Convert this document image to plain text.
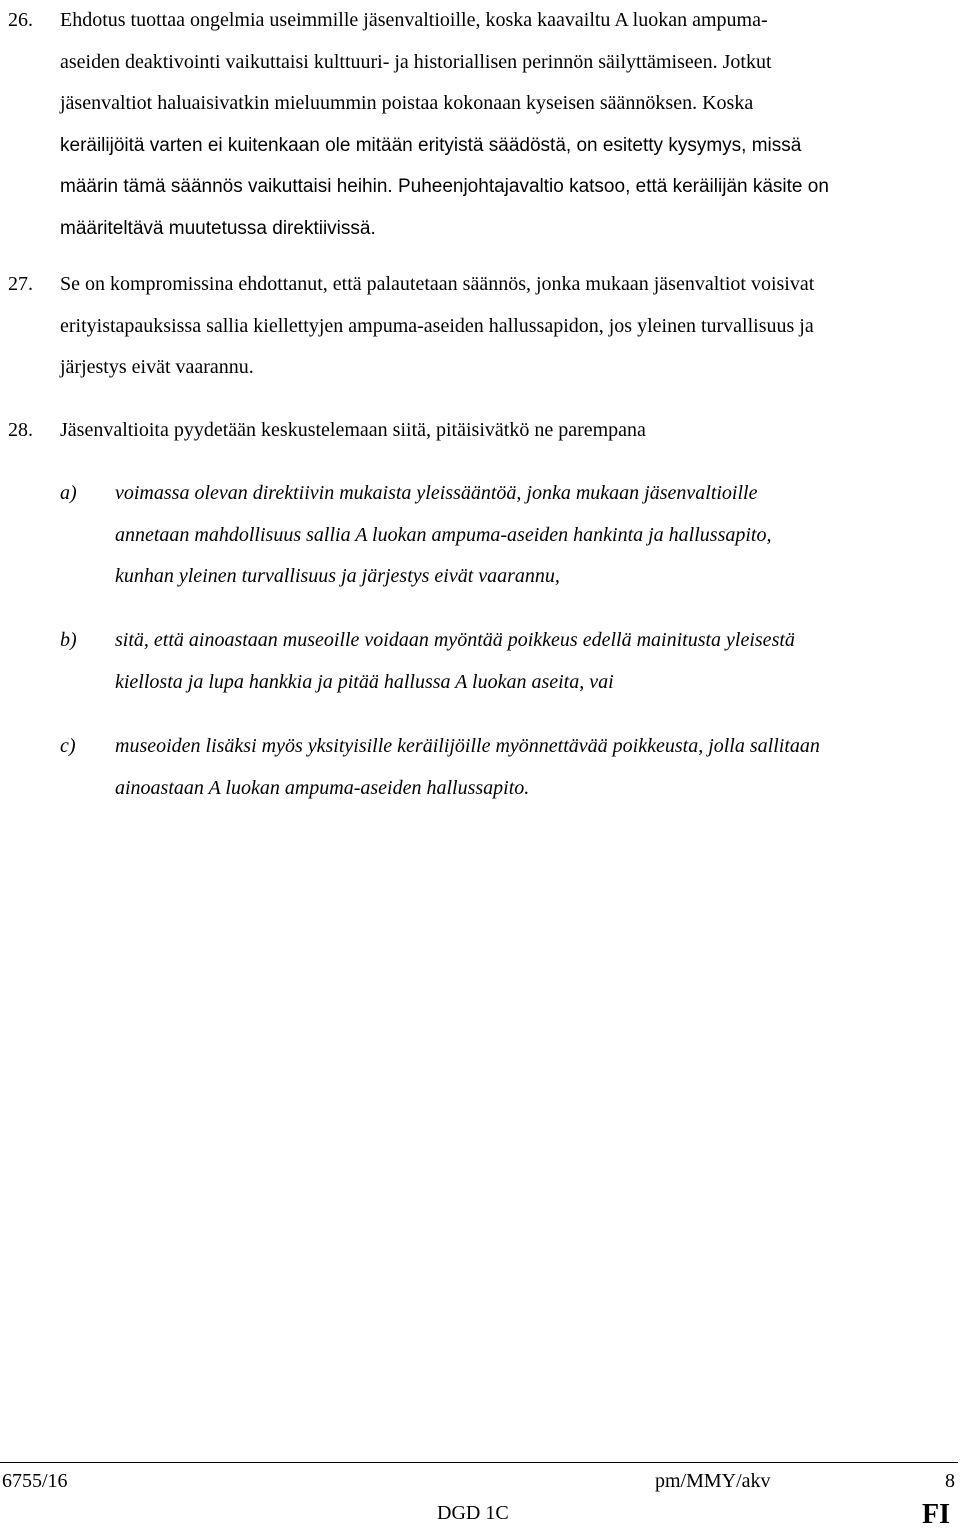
26. Ehdotus tuottaa ongelmia useimmille jäsenvaltioille, koska kaavailtu A luokan ampuma-
aseiden deaktivointi vaikuttaisi kulttuuri- ja historiallisen perinnön säilyttämiseen. Jotkut
jäsenvaltiot haluaisivatkin mieluummin poistaa kokonaan kyseisen säännöksen. Koska
keräilijöitä varten ei kuitenkaan ole mitään erityistä säädöstä, on esitetty kysymys, missä
määrin tämä säännös vaikuttaisi heihin. Puheenjohtajavaltio katsoo, että keräilijän käsite on
määriteltävä muutetussa direktiivissä.
27. Se on kompromissina ehdottanut, että palautetaan säännös, jonka mukaan jäsenvaltiot voisivat
erityistapauksissa sallia kiellettyjen ampuma-aseiden hallussapidon, jos yleinen turvallisuus ja
järjestys eivät vaarannu.
28. Jäsenvaltioita pyydetään keskustelemaan siitä, pitäisivätkö ne parempana
a) voimassa olevan direktiivin mukaista yleissääntöä, jonka mukaan jäsenvaltioille
annetaan mahdollisuus sallia A luokan ampuma-aseiden hankinta ja hallussapito,
kunhan yleinen turvallisuus ja järjestys eivät vaarannu,
b) sitä, että ainoastaan museoille voidaan myöntää poikkeus edellä mainitusta yleisestä
kiellosta ja lupa hankkia ja pitää hallussa A luokan aseita, vai
c) museoiden lisäksi myös yksityisille keräilijöille myönnettävää poikkeusta, jolla sallitaan
ainoastaan A luokan ampuma-aseiden hallussapito.
6755/16	pm/MMY/akv	8
DGD 1C	FI
